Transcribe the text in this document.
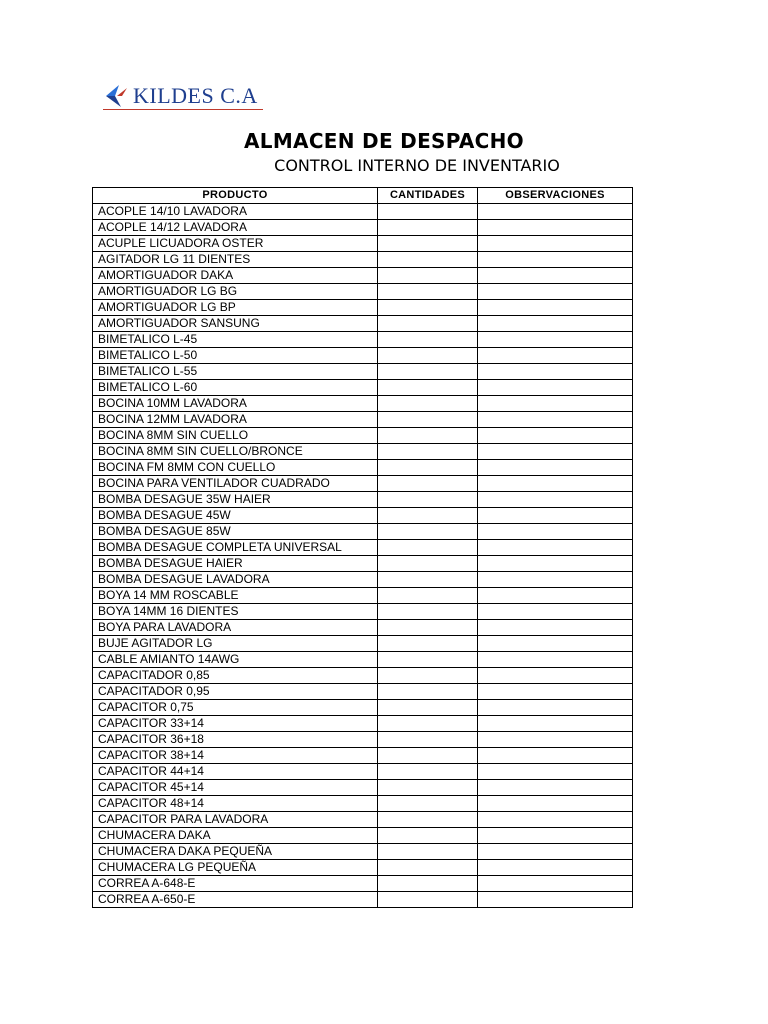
KILDES C.A
ALMACEN DE DESPACHO
CONTROL INTERNO DE INVENTARIO
PRODUCTO	CANTIDADES	OBSERVACIONES
ACOPLE 14/10 LAVADORA		
ACOPLE 14/12 LAVADORA		
ACUPLE LICUADORA OSTER		
AGITADOR LG 11 DIENTES		
AMORTIGUADOR DAKA		
AMORTIGUADOR LG BG		
AMORTIGUADOR LG BP		
AMORTIGUADOR SANSUNG		
BIMETALICO L-45		
BIMETALICO L-50		
BIMETALICO L-55		
BIMETALICO L-60		
BOCINA 10MM LAVADORA		
BOCINA 12MM LAVADORA		
BOCINA 8MM SIN CUELLO		
BOCINA 8MM SIN CUELLO/BRONCE		
BOCINA FM 8MM CON CUELLO		
BOCINA PARA VENTILADOR CUADRADO		
BOMBA DESAGUE 35W HAIER		
BOMBA DESAGUE 45W		
BOMBA DESAGUE 85W		
BOMBA DESAGUE COMPLETA UNIVERSAL		
BOMBA DESAGUE HAIER		
BOMBA DESAGUE LAVADORA		
BOYA 14 MM ROSCABLE		
BOYA 14MM 16 DIENTES		
BOYA PARA LAVADORA		
BUJE AGITADOR LG		
CABLE AMIANTO 14AWG		
CAPACITADOR 0,85		
CAPACITADOR 0,95		
CAPACITOR 0,75		
CAPACITOR 33+14		
CAPACITOR 36+18		
CAPACITOR 38+14		
CAPACITOR 44+14		
CAPACITOR 45+14		
CAPACITOR 48+14		
CAPACITOR PARA LAVADORA		
CHUMACERA DAKA		
CHUMACERA DAKA PEQUEÑA		
CHUMACERA LG PEQUEÑA		
CORREA A-648-E		
CORREA A-650-E		
